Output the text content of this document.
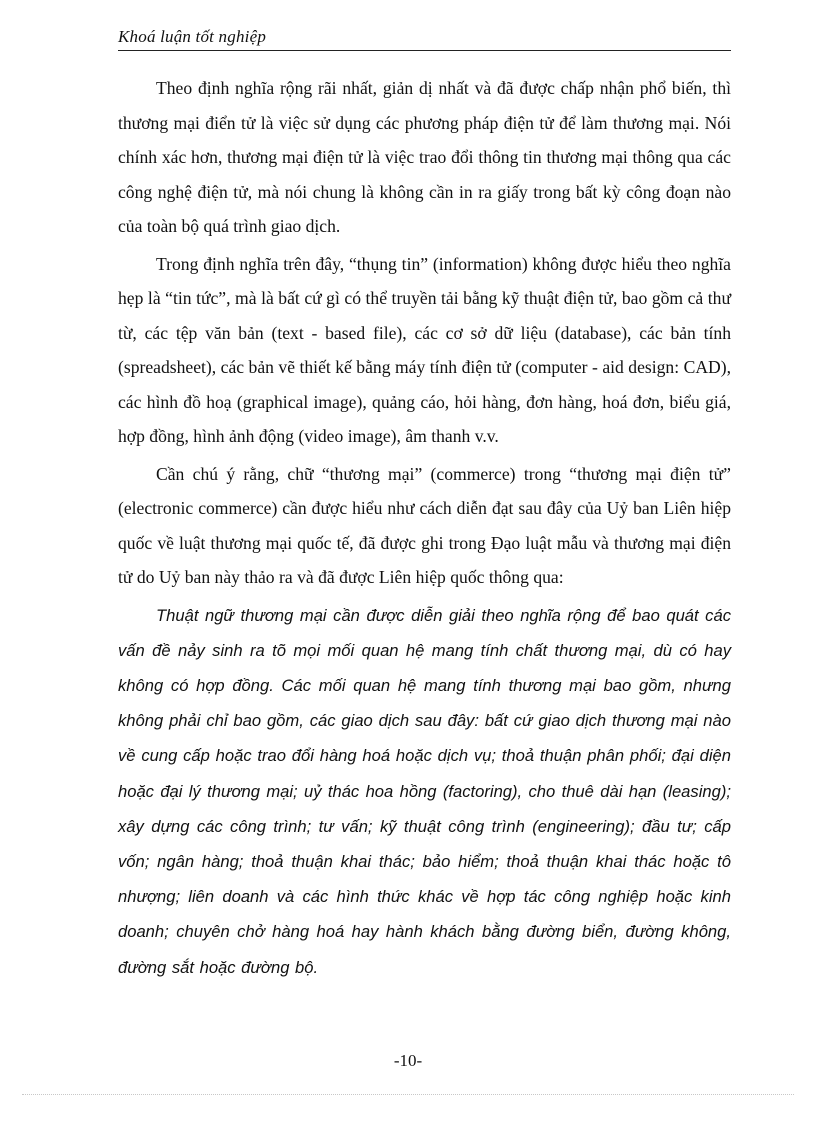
Khoá luận tốt nghiệp

Theo định nghĩa rộng rãi nhất, giản dị nhất và đã được chấp nhận phổ biến, thì thương mại điển tử là việc sử dụng các phương pháp điện tử để làm thương mại. Nói chính xác hơn, thương mại điện tử là việc trao đổi thông tin thương mại thông qua các công nghệ điện tử, mà nói chung là không cần in ra giấy trong bất kỳ công đoạn nào của toàn bộ quá trình giao dịch.

Trong định nghĩa trên đây, “thụng tin” (information) không được hiểu theo nghĩa hẹp là “tin tức”, mà là bất cứ gì có thể truyền tải bằng kỹ thuật điện tử, bao gồm cả thư từ, các tệp văn bản (text - based file), các cơ sở dữ liệu (database), các bản tính (spreadsheet), các bản vẽ thiết kế bằng máy tính điện tử (computer - aid design: CAD), các hình đồ hoạ (graphical image), quảng cáo, hỏi hàng, đơn hàng, hoá đơn, biểu giá, hợp đồng, hình ảnh động (video image), âm thanh v.v.

Cần chú ý rằng, chữ “thương mại” (commerce) trong “thương mại điện tử” (electronic commerce) cần được hiểu như cách diễn đạt sau đây của Uỷ ban Liên hiệp quốc về luật thương mại quốc tế, đã được ghi trong Đạo luật mẫu và thương mại điện tử do Uỷ ban này thảo ra và đã được Liên hiệp quốc thông qua:

Thuật ngữ thương mại cần được diễn giải theo nghĩa rộng để bao quát các vấn đề nảy sinh ra tõ mọi mối quan hệ mang tính chất thương mại, dù có hay không có hợp đồng. Các mối quan hệ mang tính thương mại bao gồm, nhưng không phải chỉ bao gồm, các giao dịch sau đây: bất cứ giao dịch thương mại nào về cung cấp hoặc trao đổi hàng hoá hoặc dịch vụ; thoả thuận phân phối; đại diện hoặc đại lý thương mại; uỷ thác hoa hồng (factoring), cho thuê dài hạn (leasing); xây dựng các công trình; tư vấn; kỹ thuật công trình (engineering); đầu tư; cấp vốn; ngân hàng; thoả thuận khai thác; bảo hiểm; thoả thuận khai thác hoặc tô nhượng; liên doanh và các hình thức khác về hợp tác công nghiệp hoặc kinh doanh; chuyên chở hàng hoá hay hành khách bằng đường biển, đường không, đường sắt hoặc đường bộ.

-10-
